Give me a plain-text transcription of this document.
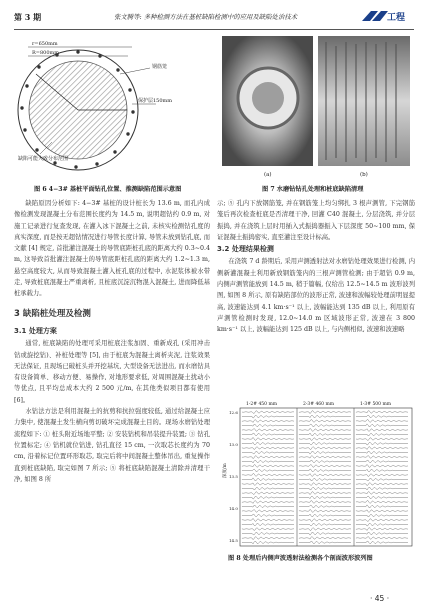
第 3 期	张文腾等: 多种检测方法在基桩缺陷检测中的应用及缺陷处治技术	工程
r=650mm
R=800mm
钢筋笼
保护层150mm
缺陷可能大致分布范围
(a)	(b)
图 6 4−3# 基桩平面钻孔位置、推测缺陷范围示意图	图 7 水磨钻钻孔处理和桩底缺陷清理

缺陷原因分析如下: 4−3# 基桩的设计桩长为 13.6 m, 而孔内成像检测发现混凝土分布范围长度约为 14.5 m, 说明超钻约 0.9 m, 对施工记录进行复查发现, 在灌入冰下混凝土之前, 未核实检测钻孔度的真实深度, 而是按无超钻情况进行导管长度计算, 导管未放到钻孔底, 而文献 [4] 规定, 首批灌注混凝土的导管底距桩孔底的距离大约 0.3~0.4 m, 这导致首批灌注混凝土的导管底距桩孔底的距离大约 1.2~1.3 m, 悬空高度较大, 从而导致混凝土灌入桩孔底的过程中, 水泥浆体被水带走, 导致桩底混凝土严重离析, 且桩底沉淀沉物混入混凝土, 进而降低基桩承载力。

3 缺陷桩处理及检测
3.1 处理方案

通常, 桩底缺陷的处理可采用桩底注浆加固、重新成孔 (采用冲击钻或旋挖钻)、补桩处理等 [5], 由于桩底为混凝土离析夹泥, 注浆效果无法保证, 且现场已破桩头并开挖基坑, 大型设备无法进出, 而水磨钻具有设备简单、移动方便、易操作, 对地形要求低, 对周围混凝土扰动小等优点, 且平均总成本大约 2 500 元/m, 在其他类似项目都有使用 [6]。

水钻法方法是利用混凝土的抗剪和抗拉强度较低, 通过给混凝土应力集中, 使混凝土发生横向剪切破坏完成混凝土目的。现场水磨钻处理流程如下: ① 桩头附近场地平整; ② 安装钻机和吊装提升装置; ③ 钻孔位置标定; ④ 钻机就位钻进, 钻孔直径 15 cm, 一次取芯长度约为 70 cm, 沿着标记位置环形取芯, 取完后将中间混凝土整体吊出, 重复操作直到桩底缺陷, 取完如图 7 所示; ⑤ 将桩底缺陷混凝土清除并清理干净, 如图 8 所

示; ⑤ 孔内下放钢筋笼, 并在钢筋笼上均匀绑扎 3 根声测管, 下完钢筋笼后再次检查桩底是否清理干净, 回灌 C40 混凝土, 分层浇筑, 并分层振捣, 并在浇筑上层时用插入式振捣器振入下层深度 50~100 mm, 保证混凝土振捣密实, 直至灌注至设计标高。

3.2 处理结果检测

在浇筑 7 d 龄期后, 采用声测透射法对水磨钻处理效果进行检测, 内侧新灌混凝土利用新放钢筋笼内的三根声测管检测; 由于超钻 0.9 m, 内侧声测管能放到 14.5 m, 稍于篇幅, 仅给出 12.5~14.5 m 波形波列图, 如图 8 所示, 原有缺陷部位的波形正常, 波速和波幅较处理前明显提高, 波速能达到 4.1 km·s⁻¹ 以上, 波幅能达到 135 dB 以上, 利用原有声测管检测时发现, 12.0~14.0 m 区域波形正常, 波速在 3 800 km·s⁻¹ 以上, 波幅能达到 125 dB 以上, 与内侧相似, 波速和波速略

1-2# 450 mm	2-3# 460 mm	1-3# 500 mm
深度/m
12.6
13.0
13.5
14.0
14.5
图 8 处理后内侧声波透射法检测各个剖面波形波列图
· 45 ·
